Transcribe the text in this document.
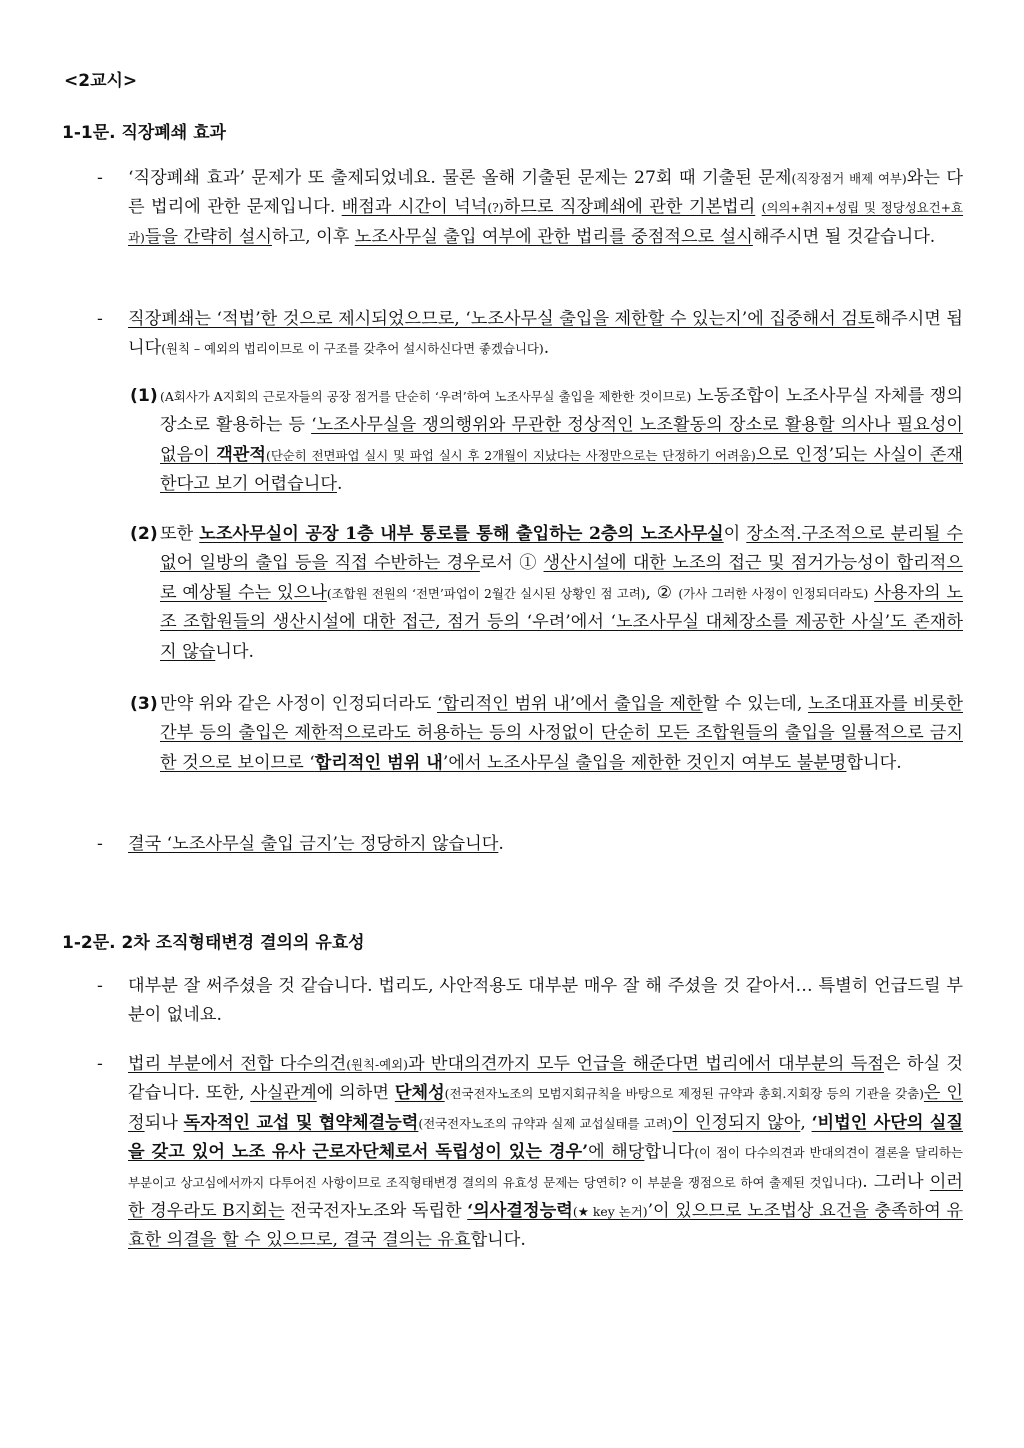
<2교시>
1-1문. 직장폐쇄 효과
- ‘직장폐쇄 효과’ 문제가 또 출제되었네요. 물론 올해 기출된 문제는 27회 때 기출된 문제(직장점거 배제 여부)와는 다른 법리에 관한 문제입니다. 배점과 시간이 넉넉(?)하므로 직장폐쇄에 관한 기본법리 (의의+취지+성립 및 정당성요건+효과)들을 간략히 설시하고, 이후 노조사무실 출입 여부에 관한 법리를 중점적으로 설시해주시면 될 것같습니다.
- 직장폐쇄는 ‘적법’한 것으로 제시되었으므로, ‘노조사무실 출입을 제한할 수 있는지’에 집중해서 검토해주시면 됩니다(원칙 – 예외의 법리이므로 이 구조를 갖추어 설시하신다면 좋겠습니다).
(1) (A회사가 A지회의 근로자들의 공장 점거를 단순히 ‘우려’하여 노조사무실 출입을 제한한 것이므로) 노동조합이 노조사무실 자체를 쟁의장소로 활용하는 등 ‘노조사무실을 쟁의행위와 무관한 정상적인 노조활동의 장소로 활용할 의사나 필요성이 없음이 객관적(단순히 전면파업 실시 및 파업 실시 후 2개월이 지났다는 사정만으로는 단정하기 어려움)으로 인정’되는 사실이 존재한다고 보기 어렵습니다.
(2) 또한 노조사무실이 공장 1층 내부 통로를 통해 출입하는 2층의 노조사무실이 장소적.구조적으로 분리될 수 없어 일방의 출입 등을 직접 수반하는 경우로서 ① 생산시설에 대한 노조의 접근 및 점거가능성이 합리적으로 예상될 수는 있으나(조합원 전원의 ‘전면’파업이 2월간 실시된 상황인 점 고려), ② (가사 그러한 사정이 인정되더라도) 사용자의 노조 조합원들의 생산시설에 대한 접근, 점거 등의 ‘우려’에서 ‘노조사무실 대체장소를 제공한 사실’도 존재하지 않습니다.
(3) 만약 위와 같은 사정이 인정되더라도 ‘합리적인 범위 내’에서 출입을 제한할 수 있는데, 노조대표자를 비롯한 간부 등의 출입은 제한적으로라도 허용하는 등의 사정없이 단순히 모든 조합원들의 출입을 일률적으로 금지한 것으로 보이므로 ‘합리적인 범위 내’에서 노조사무실 출입을 제한한 것인지 여부도 불분명합니다.
- 결국 ‘노조사무실 출입 금지’는 정당하지 않습니다.
1-2문. 2차 조직형태변경 결의의 유효성
- 대부분 잘 써주셨을 것 같습니다. 법리도, 사안적용도 대부분 매우 잘 해 주셨을 것 같아서… 특별히 언급드릴 부분이 없네요.
- 법리 부분에서 전합 다수의견(원칙-예외)과 반대의견까지 모두 언급을 해준다면 법리에서 대부분의 득점은 하실 것 같습니다. 또한, 사실관계에 의하면 단체성(전국전자노조의 모범지회규칙을 바탕으로 제정된 규약과 총회.지회장 등의 기관을 갖춤)은 인정되나 독자적인 교섭 및 협약체결능력(전국전자노조의 규약과 실제 교섭실태를 고려)이 인정되지 않아, ‘비법인 사단의 실질을 갖고 있어 노조 유사 근로자단체로서 독립성이 있는 경우’에 해당합니다(이 점이 다수의견과 반대의견이 결론을 달리하는 부분이고 상고심에서까지 다투어진 사항이므로 조직형태변경 결의의 유효성 문제는 당연히? 이 부분을 쟁점으로 하여 출제된 것입니다). 그러나 이러한 경우라도 B지회는 전국전자노조와 독립한 ‘의사결정능력(★ key 논거)’이 있으므로 노조법상 요건을 충족하여 유효한 의결을 할 수 있으므로, 결국 결의는 유효합니다.
